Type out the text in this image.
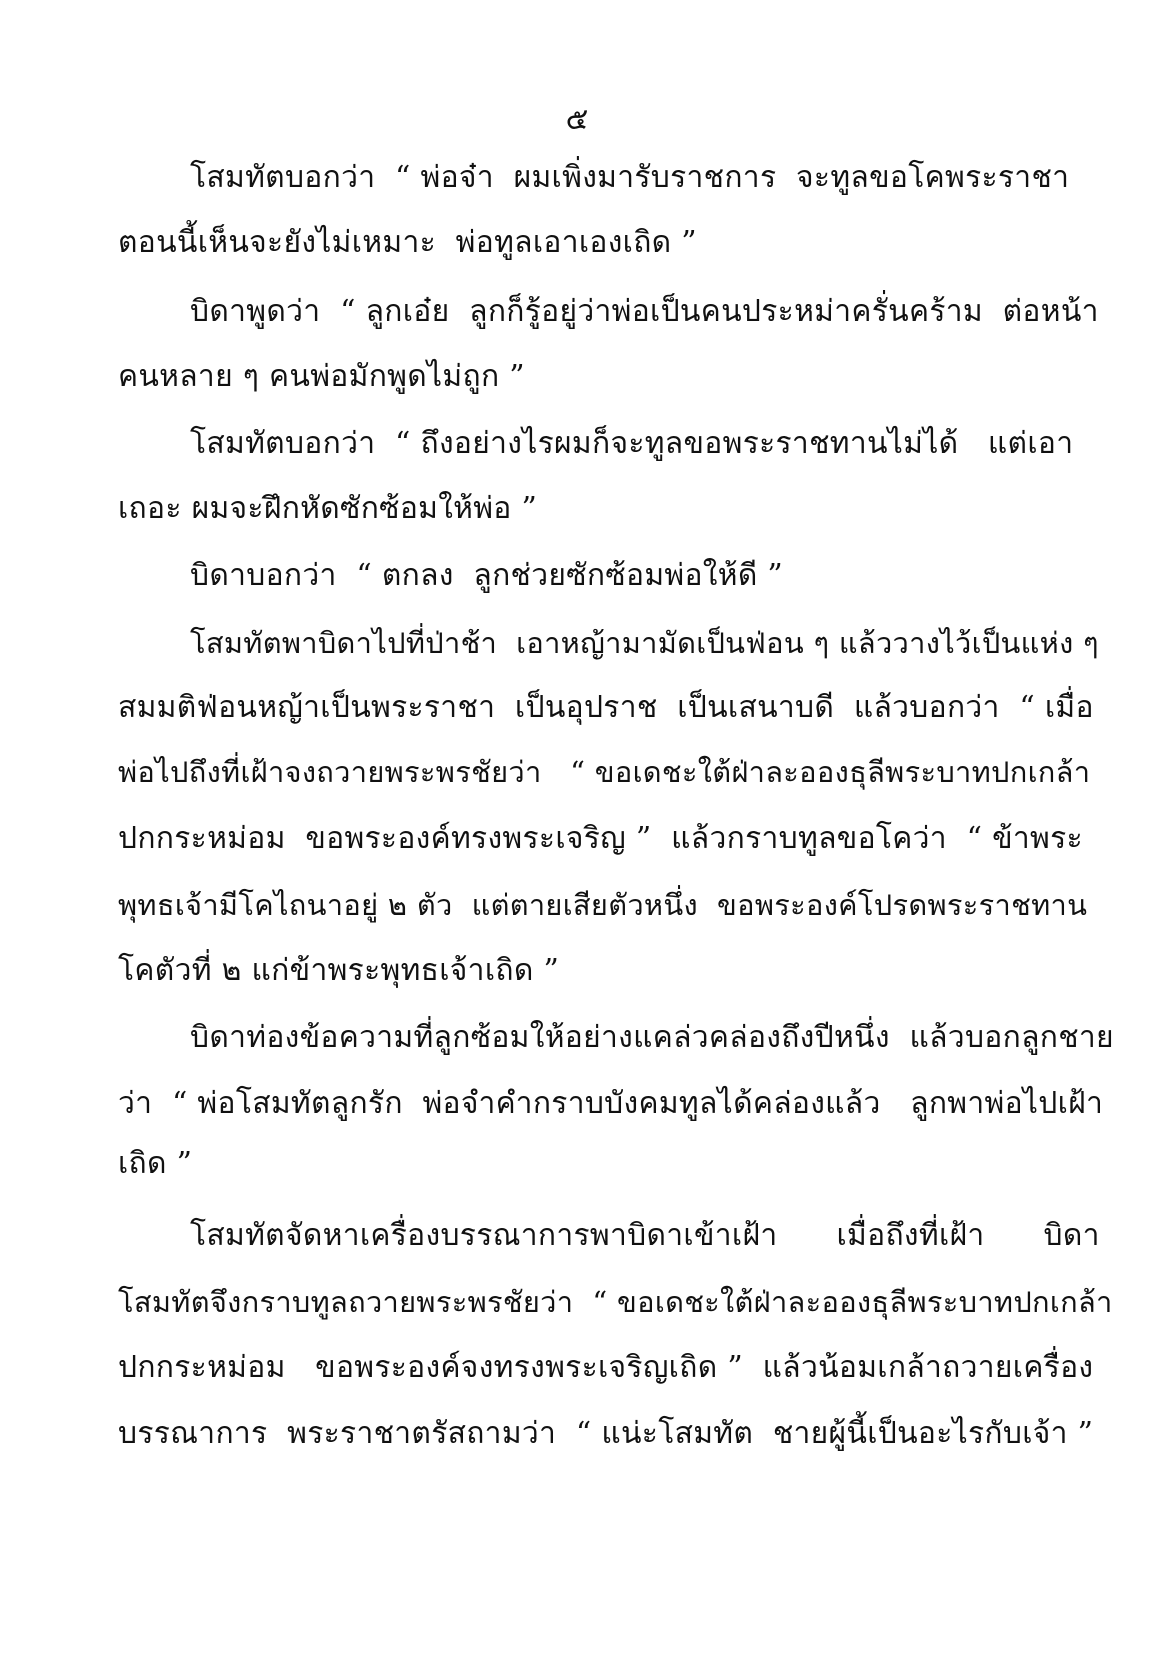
๕
โสมทัตบอกว่า  “ พ่อจ๋า  ผมเพิ่งมารับราชการ  จะทูลขอโคพระราชา
ตอนนี้เห็นจะยังไม่เหมาะ  พ่อทูลเอาเองเถิด ”
บิดาพูดว่า  “ ลูกเอ๋ย  ลูกก็รู้อยู่ว่าพ่อเป็นคนประหม่าครั่นคร้าม  ต่อหน้า
คนหลาย ๆ คนพ่อมักพูดไม่ถูก ”
โสมทัตบอกว่า  “ ถึงอย่างไรผมก็จะทูลขอพระราชทานไม่ได้   แต่เอา
เถอะ ผมจะฝึกหัดซักซ้อมให้พ่อ ”
บิดาบอกว่า  “ ตกลง  ลูกช่วยซักซ้อมพ่อให้ดี ”
โสมทัตพาบิดาไปที่ป่าช้า  เอาหญ้ามามัดเป็นฟ่อน ๆ แล้ววางไว้เป็นแห่ง ๆ
สมมติฟ่อนหญ้าเป็นพระราชา  เป็นอุปราช  เป็นเสนาบดี  แล้วบอกว่า  “ เมื่อ
พ่อไปถึงที่เฝ้าจงถวายพระพรชัยว่า   “ ขอเดชะใต้ฝ่าละอองธุลีพระบาทปกเกล้า
ปกกระหม่อม  ขอพระองค์ทรงพระเจริญ ”  แล้วกราบทูลขอโคว่า  “ ข้าพระ
พุทธเจ้ามีโคไถนาอยู่ ๒ ตัว  แต่ตายเสียตัวหนึ่ง  ขอพระองค์โปรดพระราชทาน
โคตัวที่ ๒ แก่ข้าพระพุทธเจ้าเถิด ”
บิดาท่องข้อความที่ลูกซ้อมให้อย่างแคล่วคล่องถึงปีหนึ่ง  แล้วบอกลูกชาย
ว่า  “ พ่อโสมทัตลูกรัก  พ่อจำคำกราบบังคมทูลได้คล่องแล้ว   ลูกพาพ่อไปเฝ้า
เถิด ”
โสมทัตจัดหาเครื่องบรรณาการพาบิดาเข้าเฝ้า      เมื่อถึงที่เฝ้า      บิดา
โสมทัตจึงกราบทูลถวายพระพรชัยว่า  “ ขอเดชะใต้ฝ่าละอองธุลีพระบาทปกเกล้า
ปกกระหม่อม   ขอพระองค์จงทรงพระเจริญเถิด ”  แล้วน้อมเกล้าถวายเครื่อง
บรรณาการ  พระราชาตรัสถามว่า  “ แน่ะโสมทัต  ชายผู้นี้เป็นอะไรกับเจ้า ”
